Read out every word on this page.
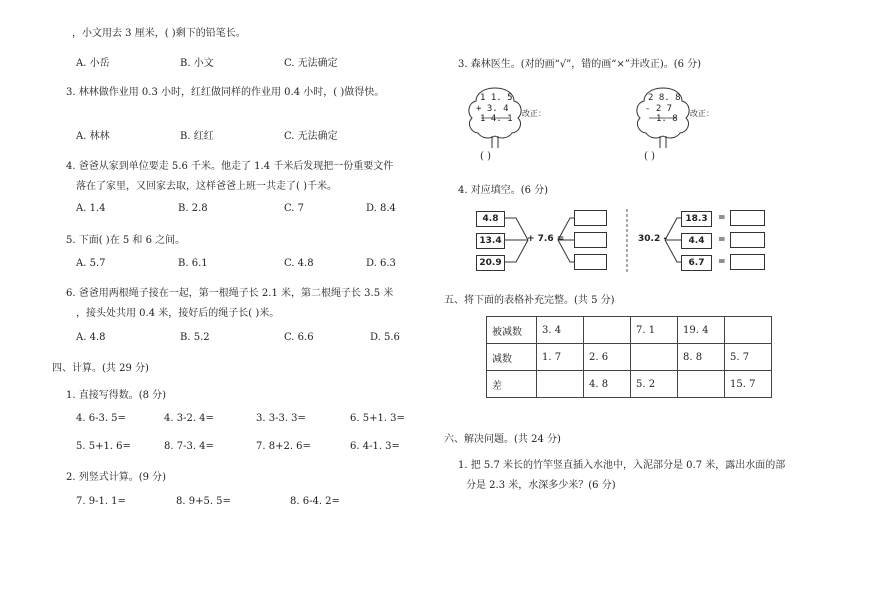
，小文用去 3 厘米，( )剩下的铅笔长。
A. 小岳	B. 小文	C. 无法确定
3. 林林做作业用 0.3 小时，红红做同样的作业用 0.4 小时，( )做得快。
A. 林林	B. 红红	C. 无法确定
4. 爸爸从家到单位要走 5.6 千米。他走了 1.4 千米后发现把一份重要文件
落在了家里，又回家去取，这样爸爸上班一共走了( )千米。
A. 1.4	B. 2.8	C. 7	D. 8.4
5. 下面( )在 5 和 6 之间。
A. 5.7	B. 6.1	C. 4.8	D. 6.3
6. 爸爸用两根绳子接在一起，第一根绳子长 2.1 米，第二根绳子长 3.5 米
，接头处共用 0.4 米，接好后的绳子长( )米。
A. 4.8	B. 5.2	C. 6.6	D. 5.6
四、计算。(共 29 分)
1. 直接写得数。(8 分)
4. 6-3. 5=	4. 3-2. 4=	3. 3-3. 3=	6. 5+1. 3=
5. 5+1. 6=	8. 7-3. 4=	7. 8+2. 6=	6. 4-1. 3=
2. 列竖式计算。(9 分)
7. 9-1. 1=	8. 9+5. 5=	8. 6-4. 2=
3. 森林医生。(对的画“√”，错的画“×”并改正)。(6 分)
1 1. 5
+ 3. 4
1 4. 1
改正：
( )
2 8. 8
- 2 7
1. 8
改正：
( )
4. 对应填空。(6 分)
4.8
13.4
20.9
+ 7.6 =	30.2 -
18.3
4.4
6.7
=
=
=
五、将下面的表格补充完整。(共 5 分)
被减数	3. 4		7. 1	19. 4	
减数	1. 7	2. 6		8. 8	5. 7
差		4. 8	5. 2		15. 7
六、解决问题。(共 24 分)
1. 把 5.7 米长的竹竿竖直插入水池中，入泥部分是 0.7 米，露出水面的部
分是 2.3 米，水深多少米？(6 分)
